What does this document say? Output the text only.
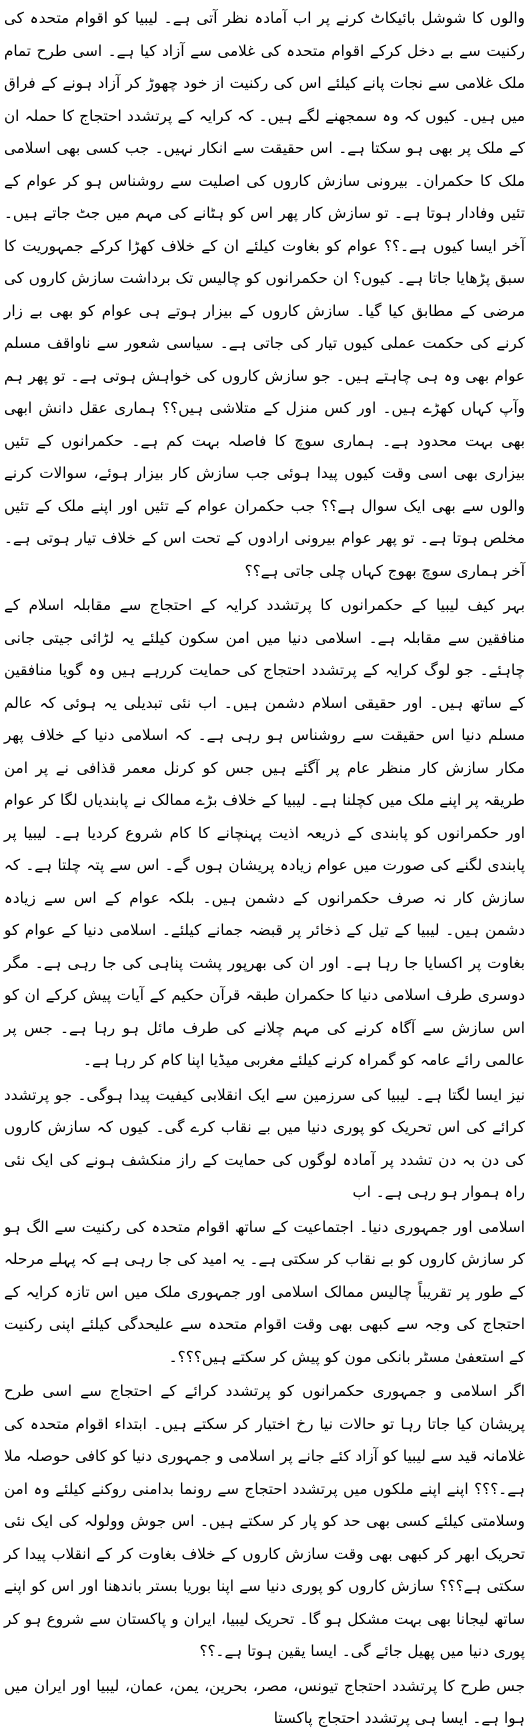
والوں کا شوشل بائیکاٹ کرنے پر اب آمادہ نظر آتی ہے۔ لیبیا کو اقوام متحدہ کی رکنیت سے بے دخل کرکے اقوام متحدہ کی غلامی سے آزاد کیا ہے۔ اسی طرح تمام ملک غلامی سے نجات پانے کیلئے اس کی رکنیت از خود چھوڑ کر آزاد ہونے کے فراق میں ہیں۔ کیوں کہ وہ سمجھنے لگے ہیں۔ کہ کرایہ کے پرتشدد احتجاج کا حملہ ان کے ملک پر بھی ہو سکتا ہے۔ اس حقیقت سے انکار نہیں۔ جب کسی بھی اسلامی ملک کا حکمران۔ بیرونی سازش کاروں کی اصلیت سے روشناس ہو کر عوام کے تئیں وفادار ہوتا ہے۔ تو سازش کار پھر اس کو ہٹانے کی مہم میں جٹ جاتے ہیں۔ آخر ایسا کیوں ہے۔؟؟ عوام کو بغاوت کیلئے ان کے خلاف کھڑا کرکے جمہوریت کا سبق پڑھایا جاتا ہے۔ کیوں؟ ان حکمرانوں کو چالیس تک برداشت سازش کاروں کی مرضی کے مطابق کیا گیا۔ سازش کاروں کے بیزار ہوتے ہی عوام کو بھی بے زار کرنے کی حکمت عملی کیوں تیار کی جاتی ہے۔ سیاسی شعور سے ناواقف مسلم عوام بھی وہ ہی چاہتے ہیں۔ جو سازش کاروں کی خواہش ہوتی ہے۔ تو پھر ہم وآپ کہاں کھڑے ہیں۔ اور کس منزل کے متلاشی ہیں؟؟ ہماری عقل دانش ابھی بھی بہت محدود ہے۔ ہماری سوچ کا فاصلہ بہت کم ہے۔ حکمرانوں کے تئیں بیزاری بھی اسی وقت کیوں پیدا ہوئی جب سازش کار بیزار ہوئے، سوالات کرنے والوں سے بھی ایک سوال ہے؟؟ جب حکمران عوام کے تئیں اور اپنے ملک کے تئیں مخلص ہوتا ہے۔ تو پھر عوام بیرونی ارادوں کے تحت اس کے خلاف تیار ہوتی ہے۔ آخر ہماری سوچ بھوج کہاں چلی جاتی ہے؟؟

بہر کیف لیبیا کے حکمرانوں کا پرتشدد کرایہ کے احتجاج سے مقابلہ اسلام کے منافقین سے مقابلہ ہے۔ اسلامی دنیا میں امن سکون کیلئے یہ لڑائی جیتی جانی چاہئے۔ جو لوگ کرایہ کے پرتشدد احتجاج کی حمایت کررہے ہیں وہ گویا منافقین کے ساتھ ہیں۔ اور حقیقی اسلام دشمن ہیں۔ اب نئی تبدیلی یہ ہوئی کہ عالم مسلم دنیا اس حقیقت سے روشناس ہو رہی ہے۔ کہ اسلامی دنیا کے خلاف پھر مکار سازش کار منظر عام پر آگئے ہیں جس کو کرنل معمر قذافی نے پر امن طریقہ پر اپنے ملک میں کچلنا ہے۔ لیبیا کے خلاف بڑے ممالک نے پابندیاں لگا کر عوام اور حکمرانوں کو پابندی کے ذریعہ اذیت پہنچانے کا کام شروع کردیا ہے۔ لیبیا پر پابندی لگنے کی صورت میں عوام زیادہ پریشان ہوں گے۔ اس سے پتہ چلتا ہے۔ کہ سازش کار نہ صرف حکمرانوں کے دشمن ہیں۔ بلکہ عوام کے اس سے زیادہ دشمن ہیں۔ لیبیا کے تیل کے ذخائر پر قبضہ جمانے کیلئے۔ اسلامی دنیا کے عوام کو بغاوت پر اکسایا جا رہا ہے۔ اور ان کی بھرپور پشت پناہی کی جا رہی ہے۔ مگر دوسری طرف اسلامی دنیا کا حکمران طبقہ قرآن حکیم کے آیات پیش کرکے ان کو اس سازش سے آگاہ کرنے کی مہم چلانے کی طرف مائل ہو رہا ہے۔ جس پر عالمی رائے عامہ کو گمراہ کرنے کیلئے مغربی میڈیا اپنا کام کر رہا ہے۔

نیز ایسا لگتا ہے۔ لیبیا کی سرزمین سے ایک انقلابی کیفیت پیدا ہوگی۔ جو پرتشدد کرائے کی اس تحریک کو پوری دنیا میں بے نقاب کرے گی۔ کیوں کہ سازش کاروں کی دن بہ دن تشدد پر آمادہ لوگوں کی حمایت کے راز منکشف ہونے کی ایک نئی راہ ہموار ہو رہی ہے۔ اب

اسلامی اور جمہوری دنیا۔ اجتماعیت کے ساتھ اقوام متحدہ کی رکنیت سے الگ ہو کر سازش کاروں کو بے نقاب کر سکتی ہے۔ یہ امید کی جا رہی ہے کہ پہلے مرحلہ کے طور پر تقریباً چالیس ممالک اسلامی اور جمہوری ملک میں اس تازہ کرایہ کے احتجاج کی وجہ سے کبھی بھی وقت اقوام متحدہ سے علیحدگی کیلئے اپنی رکنیت کے استعفیٰ مسٹر بانکی مون کو پیش کر سکتے ہیں؟؟؟۔

اگر اسلامی و جمہوری حکمرانوں کو پرتشدد کرائے کے احتجاج سے اسی طرح پریشان کیا جاتا رہا تو حالات نیا رخ اختیار کر سکتے ہیں۔ ابتداء اقوام متحدہ کی غلامانہ قید سے لیبیا کو آزاد کئے جانے پر اسلامی و جمہوری دنیا کو کافی حوصلہ ملا ہے۔؟؟؟ اپنے اپنے ملکوں میں پرتشدد احتجاج سے رونما بدامنی روکنے کیلئے وہ امن وسلامتی کیلئے کسی بھی حد کو پار کر سکتے ہیں۔ اس جوش وولولہ کی ایک نئی تحریک ابھر کر کبھی بھی وقت سازش کاروں کے خلاف بغاوت کر کے انقلاب پیدا کر سکتی ہے؟؟؟ سازش کاروں کو پوری دنیا سے اپنا بوریا بستر باندھنا اور اس کو اپنے ساتھ لیجانا بھی بہت مشکل ہو گا۔ تحریک لیبیا، ایران و پاکستان سے شروع ہو کر پوری دنیا میں پھیل جائے گی۔ ایسا یقین ہوتا ہے۔؟؟

جس طرح کا پرتشدد احتجاج تیونس، مصر، بحرین، یمن، عمان، لیبیا اور ایران میں ہوا ہے۔ ایسا ہی پرتشدد احتجاج پاکستا
